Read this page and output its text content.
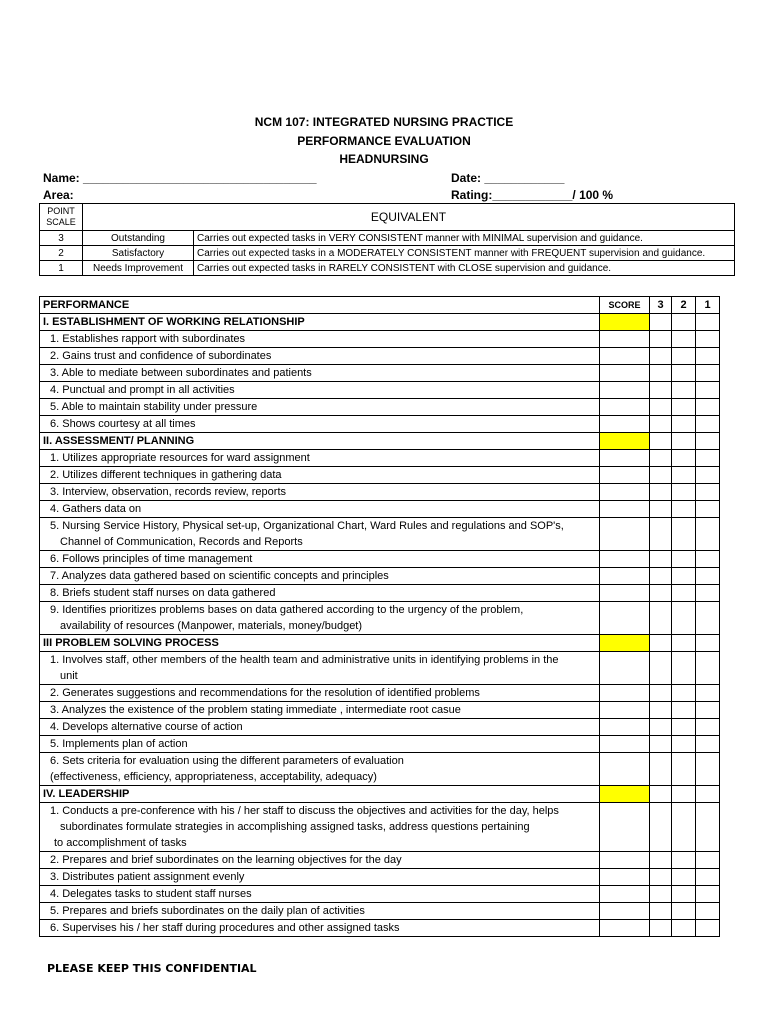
NCM 107: INTEGRATED NURSING PRACTICE
PERFORMANCE EVALUATION
HEADNURSING
Name: ___________________________________
Area:
Date: ____________
Rating:____________/ 100 %
POINT SCALE	EQUIVALENT	
3	Outstanding	Carries out expected tasks in VERY CONSISTENT manner with MINIMAL supervision and guidance.
2	Satisfactory	Carries out expected tasks in a MODERATELY CONSISTENT manner with FREQUENT supervision and guidance.
1	Needs Improvement	Carries out expected tasks in RARELY CONSISTENT with CLOSE supervision and guidance.
PERFORMANCE	SCORE	3	2	1
I. ESTABLISHMENT OF WORKING RELATIONSHIP				
1. Establishes rapport with subordinates				
2. Gains trust and confidence of subordinates				
3. Able to mediate between subordinates and patients				
4. Punctual and prompt in all activities				
5. Able to maintain stability under pressure				
6. Shows courtesy at all times				
II. ASSESSMENT/ PLANNING				
1. Utilizes appropriate resources for ward assignment				
2. Utilizes different techniques in gathering data				
3. Interview, observation, records review, reports				
4. Gathers data on				
5. Nursing Service History, Physical set-up, Organizational Chart, Ward Rules and regulations and SOP's,
Channel of Communication, Records and Reports				
6. Follows principles of time management				
7. Analyzes data gathered based on scientific concepts and principles				
8. Briefs student staff nurses on data gathered				
9. Identifies prioritizes problems bases on data gathered according to the urgency of the problem,
availability of resources (Manpower, materials, money/budget)				
III PROBLEM SOLVING PROCESS				
1. Involves staff, other members of the health team and administrative units in identifying problems in the
unit				
2. Generates suggestions and recommendations for the resolution of identified problems				
3. Analyzes the existence of the problem stating immediate , intermediate root casue				
4. Develops alternative course of action				
5. Implements plan of action				
6. Sets criteria for evaluation using the different parameters of evaluation
(effectiveness, efficiency, appropriateness, acceptability, adequacy)				
IV. LEADERSHIP				
1. Conducts a pre-conference with his / her staff to discuss the objectives and activities for the day, helps
subordinates formulate strategies in accomplishing assigned tasks, address questions pertaining
to accomplishment of tasks				
2. Prepares and brief subordinates on the learning objectives for the day				
3. Distributes patient assignment evenly				
4. Delegates tasks to student staff nurses				
5. Prepares and briefs subordinates on the daily plan of activities				
6. Supervises his / her staff during procedures and other assigned tasks				
PLEASE KEEP THIS CONFIDENTIAL
